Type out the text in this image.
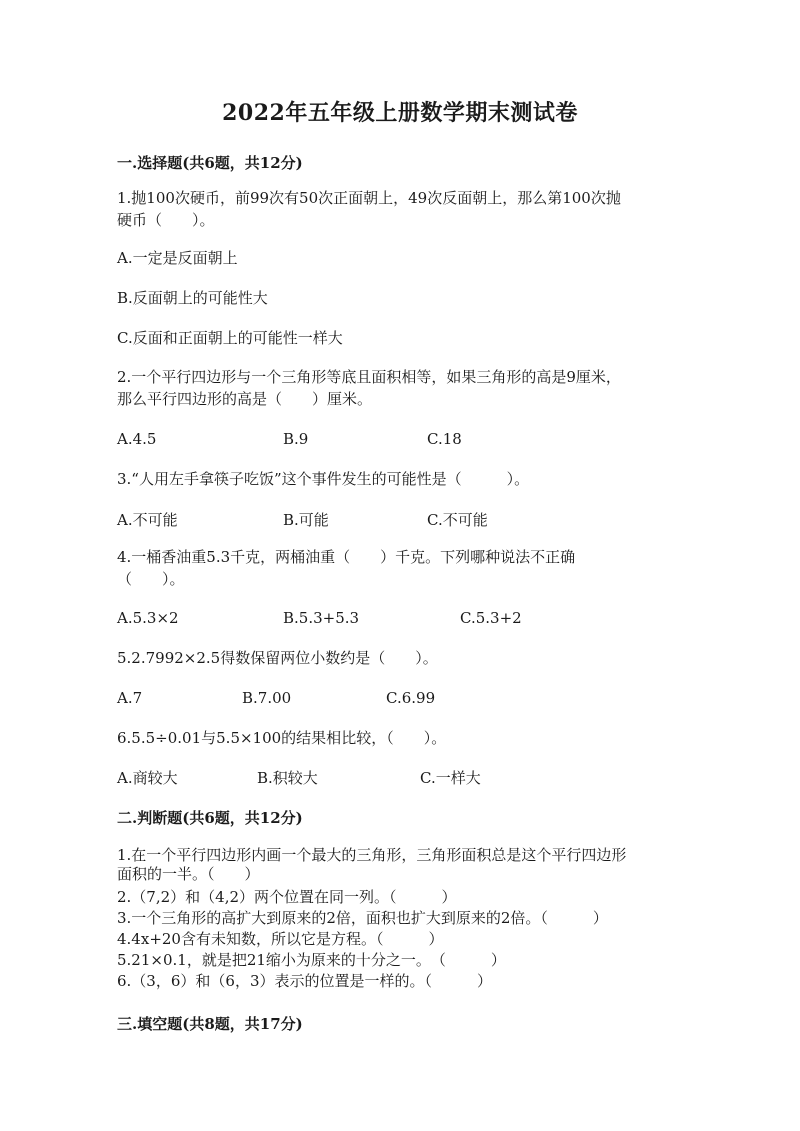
2022年五年级上册数学期末测试卷
一.选择题(共6题，共12分)
1.抛100次硬币，前99次有50次正面朝上，49次反面朝上，那么第100次抛
硬币（　　）。
A.一定是反面朝上
B.反面朝上的可能性大
C.反面和正面朝上的可能性一样大
2.一个平行四边形与一个三角形等底且面积相等，如果三角形的高是9厘米，
那么平行四边形的高是（　　）厘米。
A.4.5	B.9	C.18
3.“人用左手拿筷子吃饭”这个事件发生的可能性是（　　　）。
A.不可能	B.可能	C.不可能
4.一桶香油重5.3千克，两桶油重（　　）千克。下列哪种说法不正确
（　　）。
A.5.3×2	B.5.3+5.3	C.5.3+2
5.2.7992×2.5得数保留两位小数约是（　　）。
A.7	B.7.00	C.6.99
6.5.5÷0.01与5.5×100的结果相比较，（　　）。
A.商较大	B.积较大	C.一样大
二.判断题(共6题，共12分)
1.在一个平行四边形内画一个最大的三角形，三角形面积总是这个平行四边形
面积的一半。（　　）
2.（7,2）和（4,2）两个位置在同一列。（　　　）
3.一个三角形的高扩大到原来的2倍，面积也扩大到原来的2倍。（　　　）
4.4x+20含有未知数，所以它是方程。（　　　）
5.21×0.1，就是把21缩小为原来的十分之一。　（　　　）
6.（3，6）和（6，3）表示的位置是一样的。（　　　）
三.填空题(共8题，共17分)
